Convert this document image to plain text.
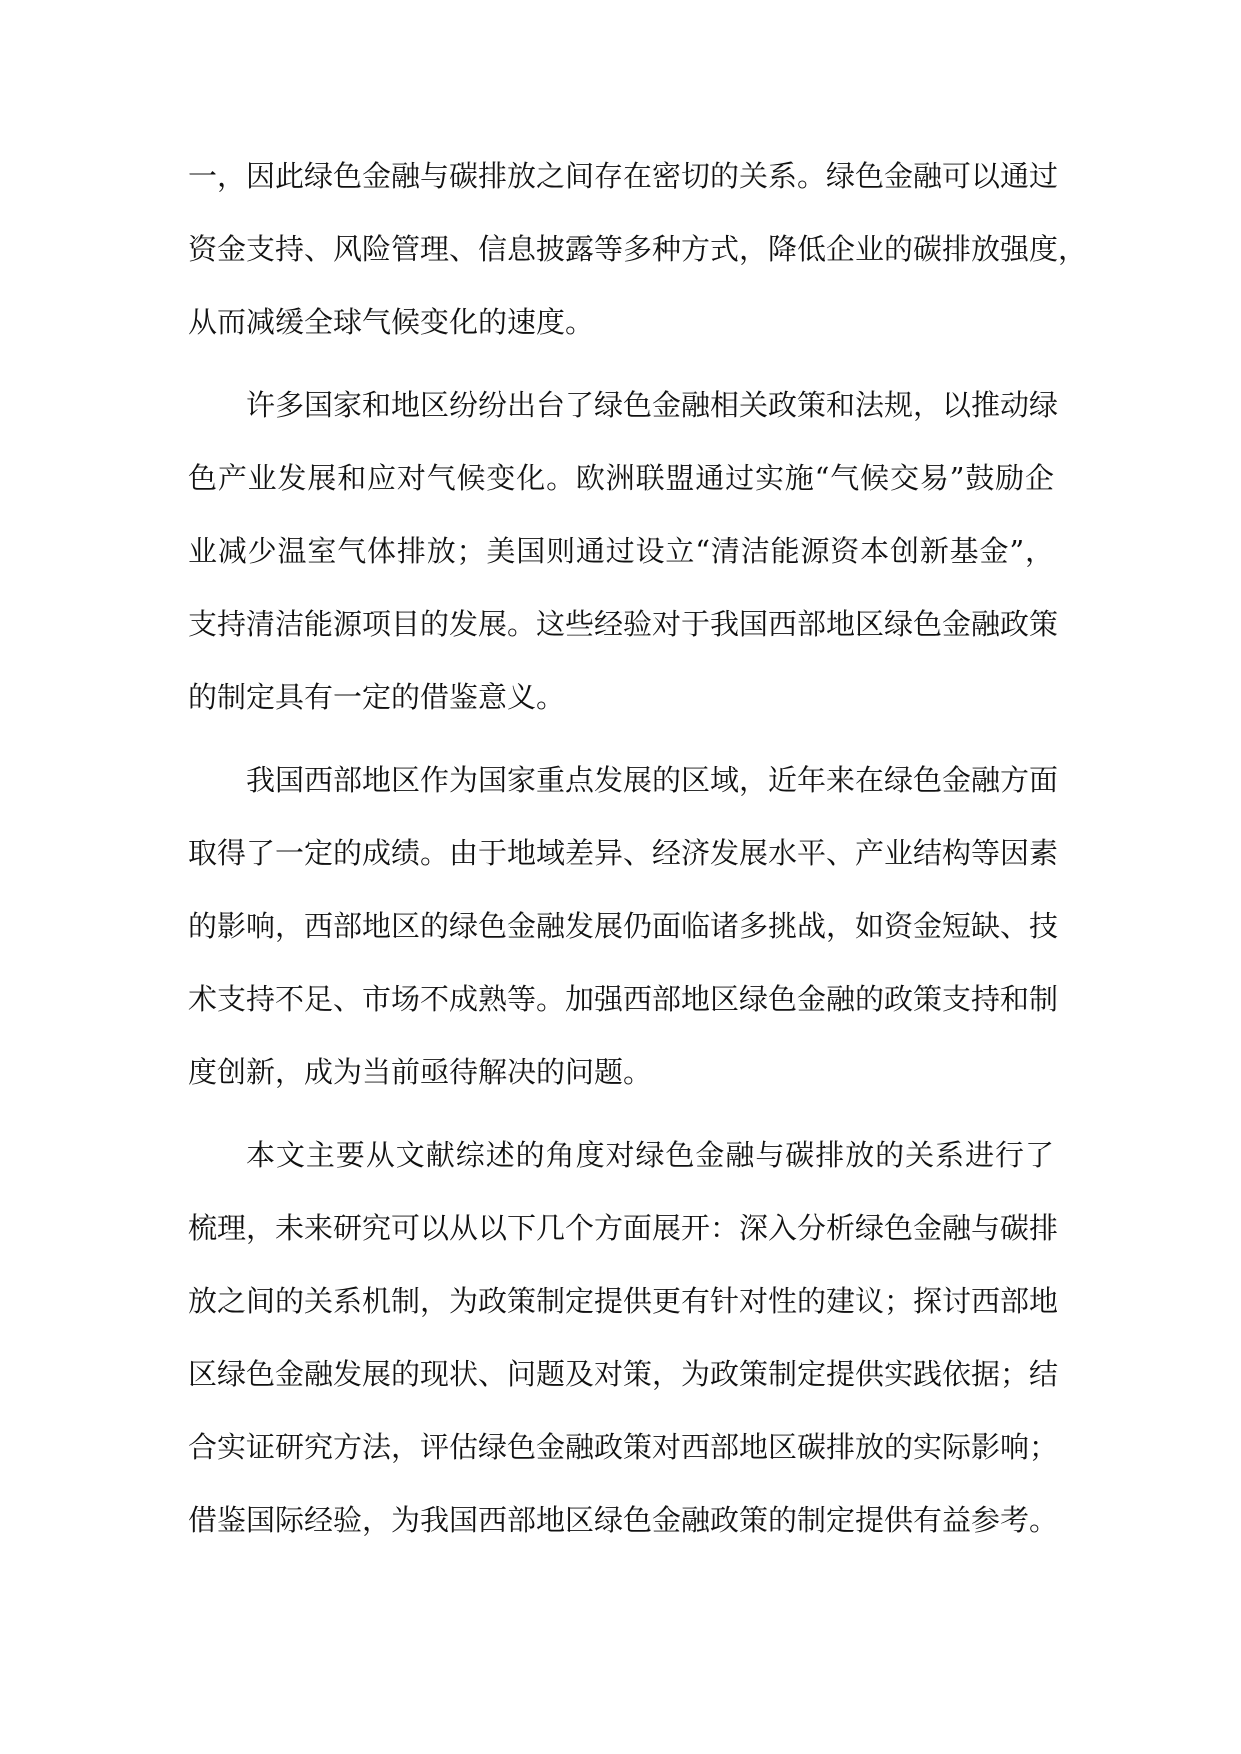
一，因此绿色金融与碳排放之间存在密切的关系。绿色金融可以通过
资金支持、风险管理、信息披露等多种方式，降低企业的碳排放强度，
从而减缓全球气候变化的速度。
许多国家和地区纷纷出台了绿色金融相关政策和法规，以推动绿
色产业发展和应对气候变化。欧洲联盟通过实施“气候交易”鼓励企
业减少温室气体排放；美国则通过设立“清洁能源资本创新基金”，
支持清洁能源项目的发展。这些经验对于我国西部地区绿色金融政策
的制定具有一定的借鉴意义。
我国西部地区作为国家重点发展的区域，近年来在绿色金融方面
取得了一定的成绩。由于地域差异、经济发展水平、产业结构等因素
的影响，西部地区的绿色金融发展仍面临诸多挑战，如资金短缺、技
术支持不足、市场不成熟等。加强西部地区绿色金融的政策支持和制
度创新，成为当前亟待解决的问题。
本文主要从文献综述的角度对绿色金融与碳排放的关系进行了
梳理，未来研究可以从以下几个方面展开：深入分析绿色金融与碳排
放之间的关系机制，为政策制定提供更有针对性的建议；探讨西部地
区绿色金融发展的现状、问题及对策，为政策制定提供实践依据；结
合实证研究方法，评估绿色金融政策对西部地区碳排放的实际影响；
借鉴国际经验，为我国西部地区绿色金融政策的制定提供有益参考。
